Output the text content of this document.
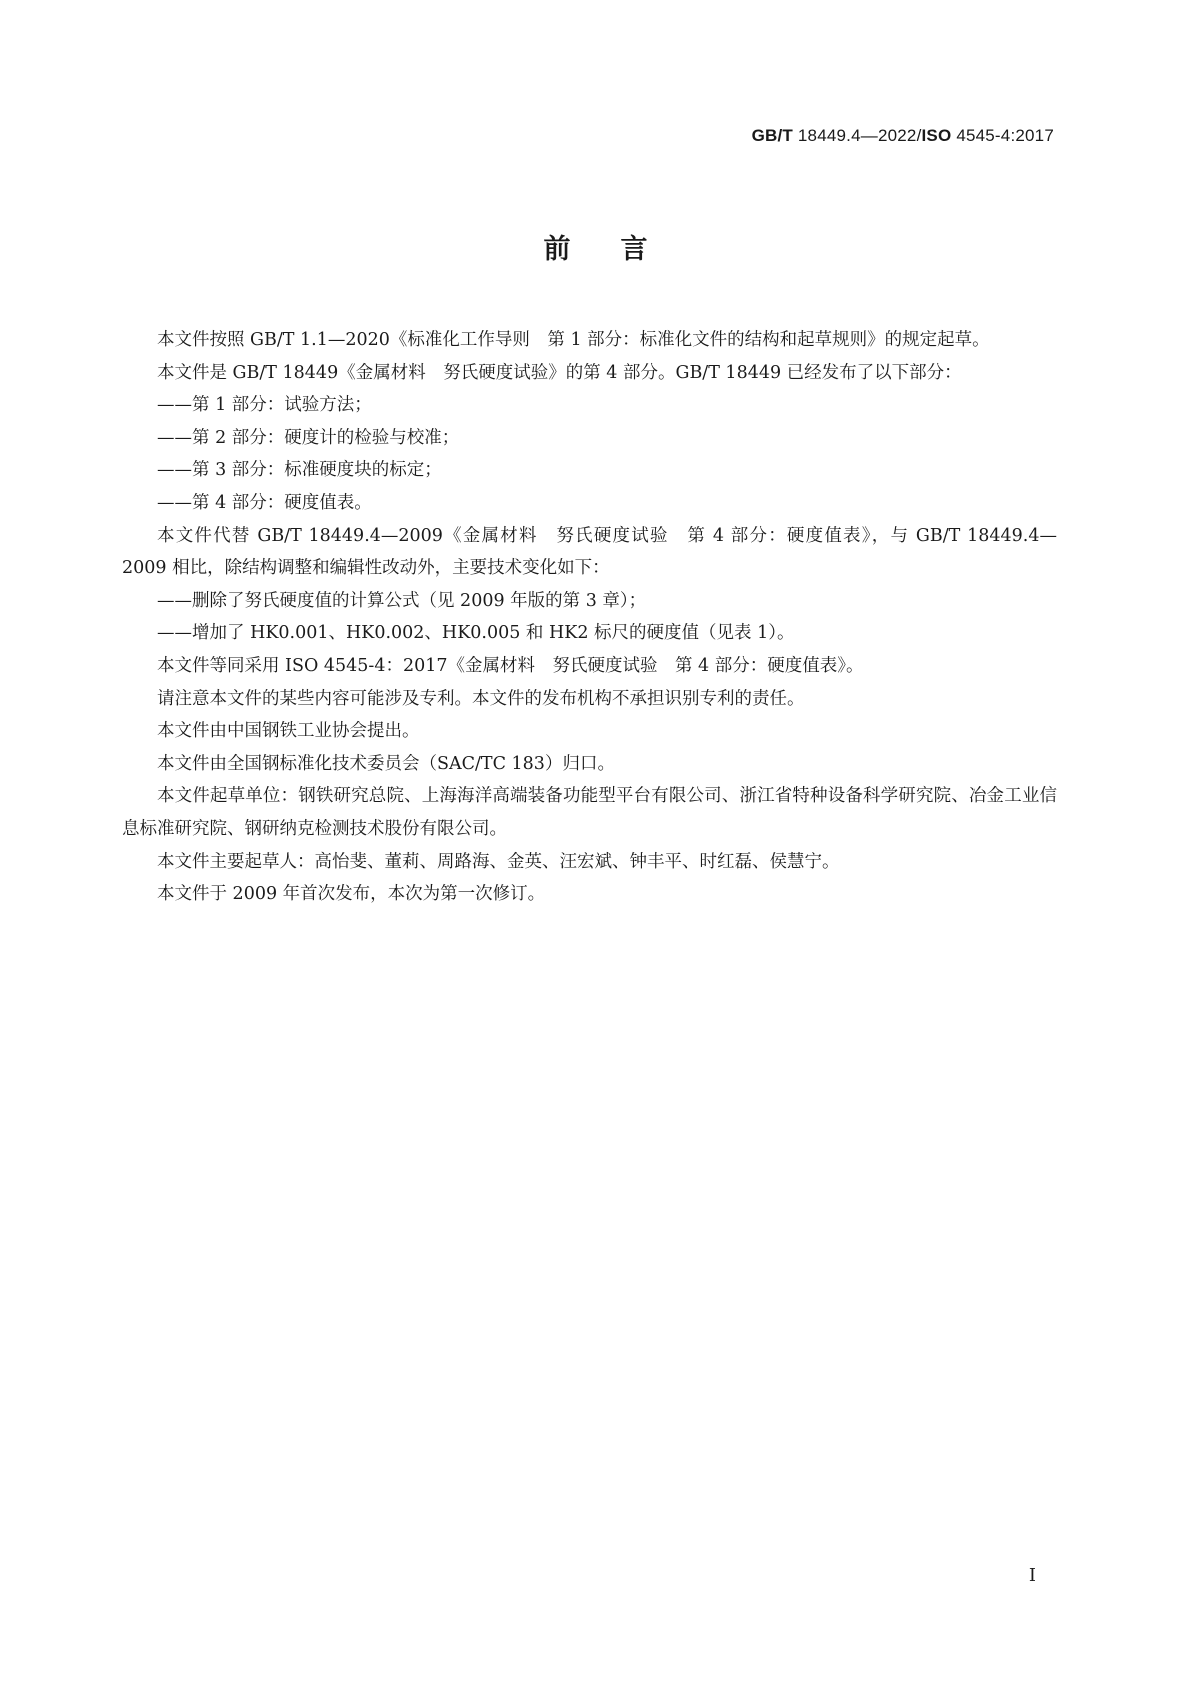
GB/T 18449.4—2022/ISO 4545-4:2017
前言

本文件按照 GB/T 1.1—2020《标准化工作导则　第 1 部分：标准化文件的结构和起草规则》的规定起草。

本文件是 GB/T 18449《金属材料　努氏硬度试验》的第 4 部分。GB/T 18449 已经发布了以下部分：

——第 1 部分：试验方法；

——第 2 部分：硬度计的检验与校准；

——第 3 部分：标准硬度块的标定；

——第 4 部分：硬度值表。

本文件代替 GB/T 18449.4—2009《金属材料　努氏硬度试验　第 4 部分：硬度值表》，与 GB/T 18449.4—2009 相比，除结构调整和编辑性改动外，主要技术变化如下：

——删除了努氏硬度值的计算公式（见 2009 年版的第 3 章）；

——增加了 HK0.001、HK0.002、HK0.005 和 HK2 标尺的硬度值（见表 1）。

本文件等同采用 ISO 4545-4：2017《金属材料　努氏硬度试验　第 4 部分：硬度值表》。

请注意本文件的某些内容可能涉及专利。本文件的发布机构不承担识别专利的责任。

本文件由中国钢铁工业协会提出。

本文件由全国钢标准化技术委员会（SAC/TC 183）归口。

本文件起草单位：钢铁研究总院、上海海洋高端装备功能型平台有限公司、浙江省特种设备科学研究院、冶金工业信息标准研究院、钢研纳克检测技术股份有限公司。

本文件主要起草人：高怡斐、董莉、周路海、金英、汪宏斌、钟丰平、时红磊、侯慧宁。

本文件于 2009 年首次发布，本次为第一次修订。

I
